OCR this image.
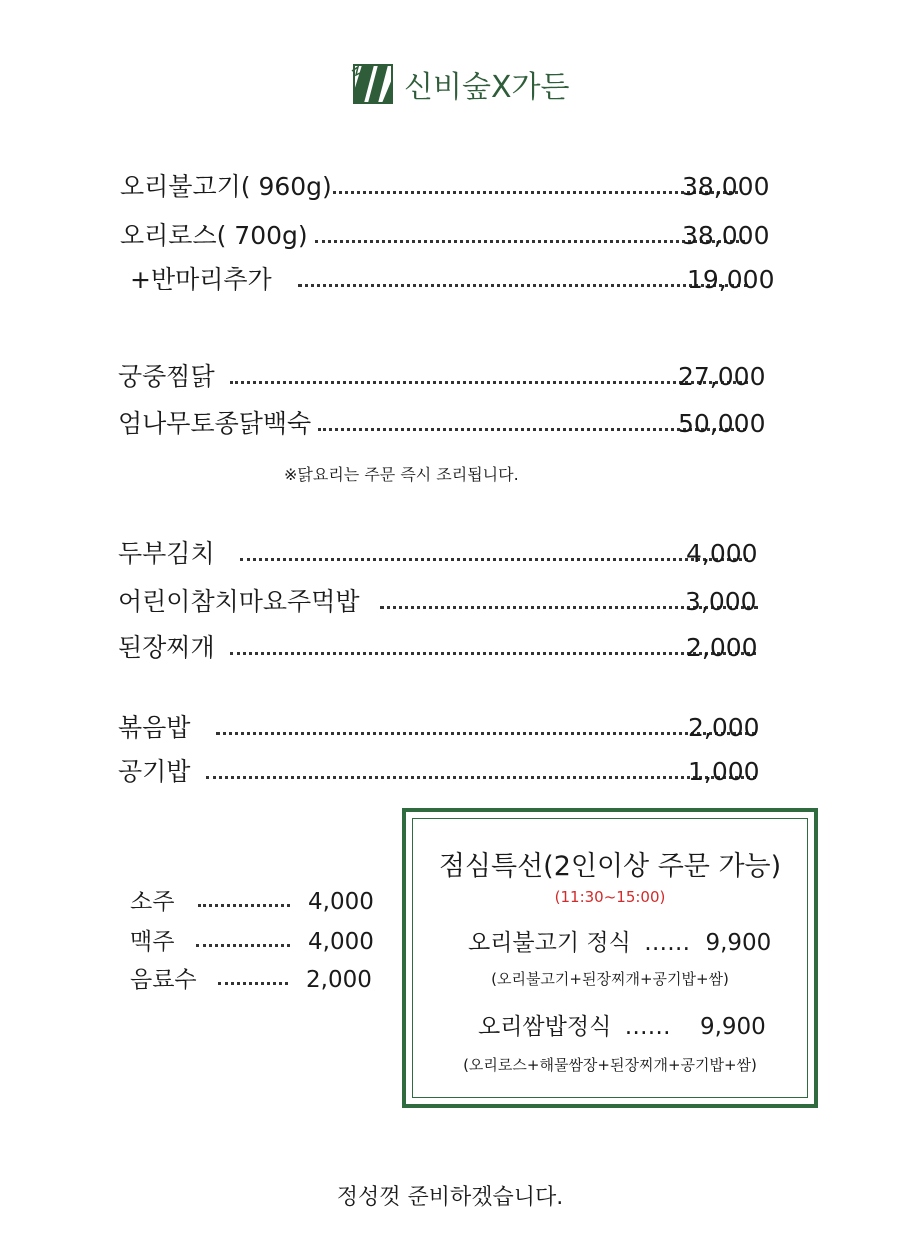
신비숲X가든
오리불고기( 960g)	38,000
오리로스( 700g)	38,000
+반마리추가	19,000
궁중찜닭	27,000
엄나무토종닭백숙	50,000
※닭요리는 주문 즉시 조리됩니다.
두부김치	4,000
어린이참치마요주먹밥	3,000
된장찌개	2,000
볶음밥	2,000
공기밥	1,000
소주	4,000
맥주	4,000
음료수	2,000
점심특선(2인이상 주문 가능)
(11:30~15:00)
오리불고기 정식 …… 9,900
(오리불고기+된장찌개+공기밥+쌈)
오리쌈밥정식 …… 9,900
(오리로스+해물쌈장+된장찌개+공기밥+쌈)
정성껏 준비하겠습니다.
